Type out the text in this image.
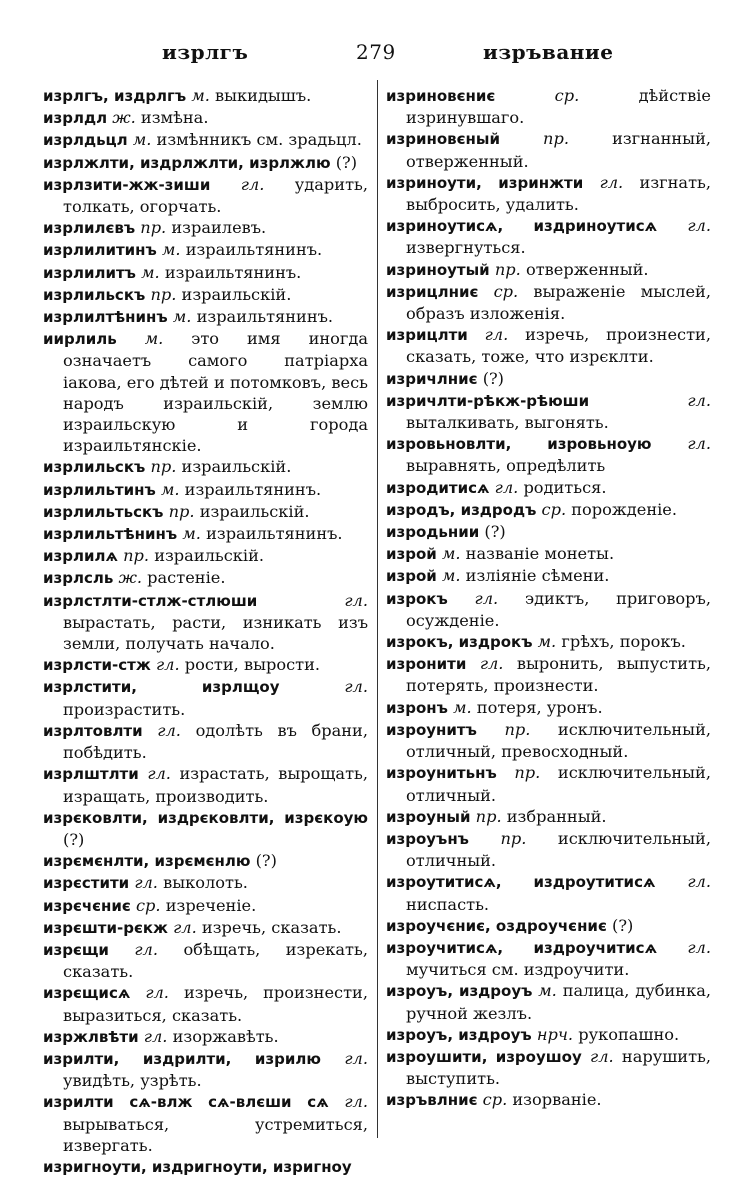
изрлгъ	279	изръвание
изрлгъ, издрлгъ м. выкидышъ.
изрлдл ж. измѣна.
изрлдьцл м. измѣнникъ см. зрадьцл.
изрлжлти, издрлжлти, изрлжлю (?)
изрлзити-жж-зиши гл. ударить, толкать, огорчать.
изрлилєвъ пр. израилевъ.
изрлилитинъ м. израильтянинъ.
изрлилитъ м. израильтянинъ.
изрлильскъ пр. израильскій.
изрлилтѣнинъ м. израильтянинъ.
иирлиль м. это имя иногда означаетъ самого патріарха іакова, его дѣтей и потомковъ, весь народъ израильскій, землю израильскую и города израильтянскіе.
изрлильскъ пр. израильскій.
изрлильтинъ м. израильтянинъ.
изрлильтьскъ пр. израильскій.
изрлильтѣнинъ м. израильтянинъ.
изрлилѧ пр. израильскій.
изрлсль ж. растеніе.
изрлстлти-стлж-стлюши	гл. вырастать, расти, изникать изъ земли, получать начало.
изрлсти-стж гл. рости, вырости.
изрлстити, изрлщоу	гл. произрастить.
изрлтовлти гл. одолѣть въ брани, побѣдить.
изрлштлти гл. израстать, вырощать, изращать, производить.
изрєковлти, издрєковлти, изрєкоую (?)
изрємєнлти, изрємєнлю (?)
изрєстити гл. выколоть.
изрєчєниє ср. изреченіе.
изрєшти-рєкж гл. изречь, сказать.
изрєщи гл. обѣщать, изрекать, сказать.
изрєщисѧ гл. изречь, произнести, выразиться, сказать.
изржлвѣти гл. изоржавѣть.
изрилти, издрилти, изрилю гл. увидѣть, узрѣть.
изрилти сѧ-влж сѧ-влєши сѧ гл. вырываться, устремиться, извергать.
изригноути, издригноути, изригноу
изриновєниє	ср.	дѣйствіе изринувшаго.
изриновєный	пр.	изгнанный, отверженный.
изриноути, изринжти гл. изгнать, выбросить, удалить.
изриноутисѧ, издриноутисѧ гл. извергнуться.
изриноутый пр. отверженный.
изрицлниє ср. выраженіе мыслей, образъ изложенія.
изрицлти гл. изречь, произнести, сказать, тоже, что изрєклти.
изричлниє (?)
изричлти-рѣкж-рѣюши	гл. выталкивать, выгонять.
изровьновлти, изровьноую гл. выравнять, опредѣлить
изродитисѧ гл. родиться.
изродъ, издродъ ср. порожденіе.
изродьнии (?)
изрой м. названіе монеты.
изрой м. изліяніе сѣмени.
изрокъ гл. эдиктъ, приговоръ, осужденіе.
изрокъ, издрокъ м. грѣхъ, порокъ.
изронити гл. выронить, выпустить, потерять, произнести.
изронъ м. потеря, уронъ.
изроунитъ пр. исключительный, отличный, превосходный.
изроунитьнъ пр. исключительный, отличный.
изроуный пр. избранный.
изроуънъ пр. исключительный, отличный.
изроутитисѧ, издроутитисѧ гл. ниспасть.
изроучєниє, оздроучєниє (?)
изроучитисѧ, издроучитисѧ гл. мучиться см. издроучити.
изроуъ, издроуъ м. палица, дубинка, ручной жезлъ.
изроуъ, издроуъ нрч. рукопашно.
изроушити, изроушоу гл. нарушить, выступить.
изръвлниє ср. изорваніе.
